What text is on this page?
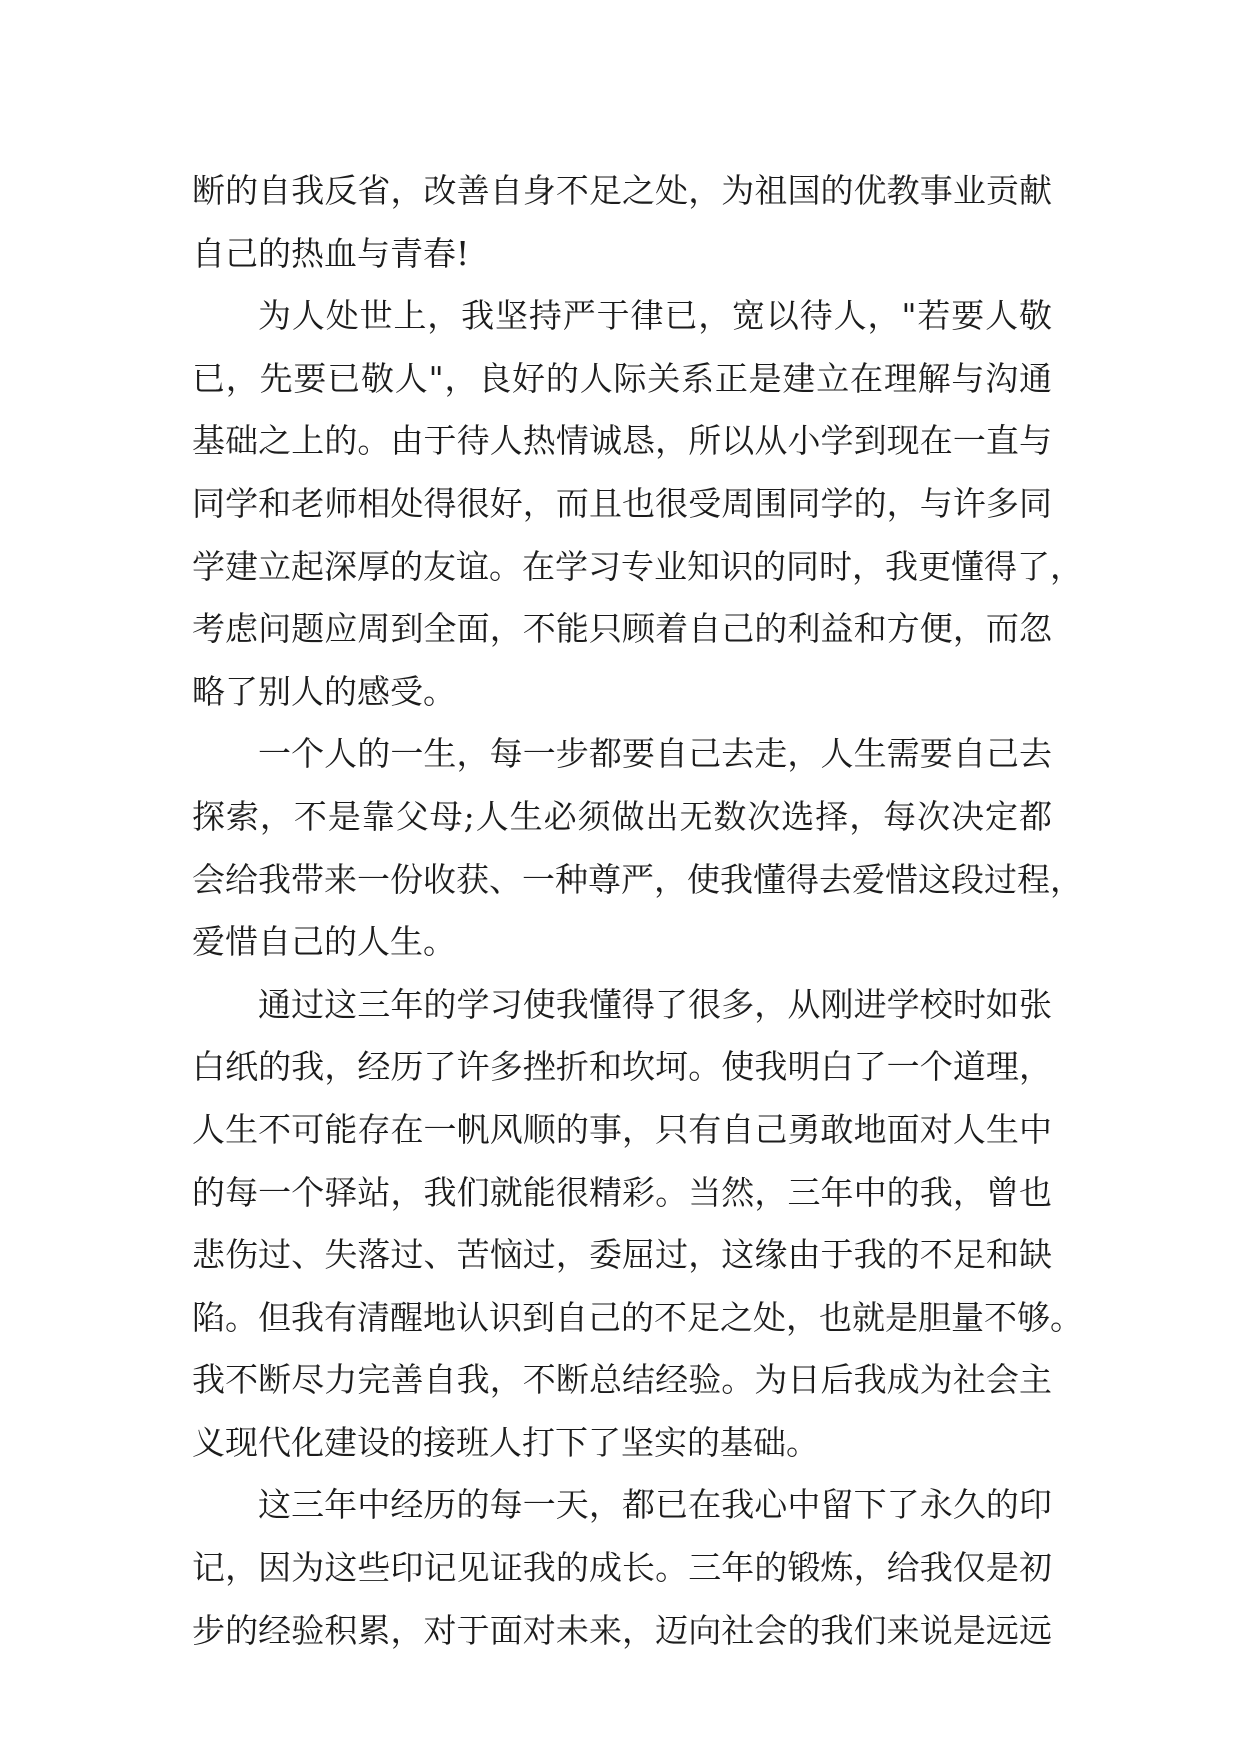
断的自我反省，改善自身不足之处，为祖国的优教事业贡献
自己的热血与青春!
为人处世上，我坚持严于律已，宽以待人，"若要人敬
已，先要已敬人"，良好的人际关系正是建立在理解与沟通
基础之上的。由于待人热情诚恳，所以从小学到现在一直与
同学和老师相处得很好，而且也很受周围同学的，与许多同
学建立起深厚的友谊。在学习专业知识的同时，我更懂得了，
考虑问题应周到全面，不能只顾着自己的利益和方便，而忽
略了别人的感受。
一个人的一生，每一步都要自己去走，人生需要自己去
探索，不是靠父母;人生必须做出无数次选择，每次决定都
会给我带来一份收获、一种尊严，使我懂得去爱惜这段过程，
爱惜自己的人生。
通过这三年的学习使我懂得了很多，从刚进学校时如张
白纸的我，经历了许多挫折和坎坷。使我明白了一个道理，
人生不可能存在一帆风顺的事，只有自己勇敢地面对人生中
的每一个驿站，我们就能很精彩。当然，三年中的我，曾也
悲伤过、失落过、苦恼过，委屈过，这缘由于我的不足和缺
陷。但我有清醒地认识到自己的不足之处，也就是胆量不够。
我不断尽力完善自我，不断总结经验。为日后我成为社会主
义现代化建设的接班人打下了坚实的基础。
这三年中经历的每一天，都已在我心中留下了永久的印
记，因为这些印记见证我的成长。三年的锻炼，给我仅是初
步的经验积累，对于面对未来，迈向社会的我们来说是远远
